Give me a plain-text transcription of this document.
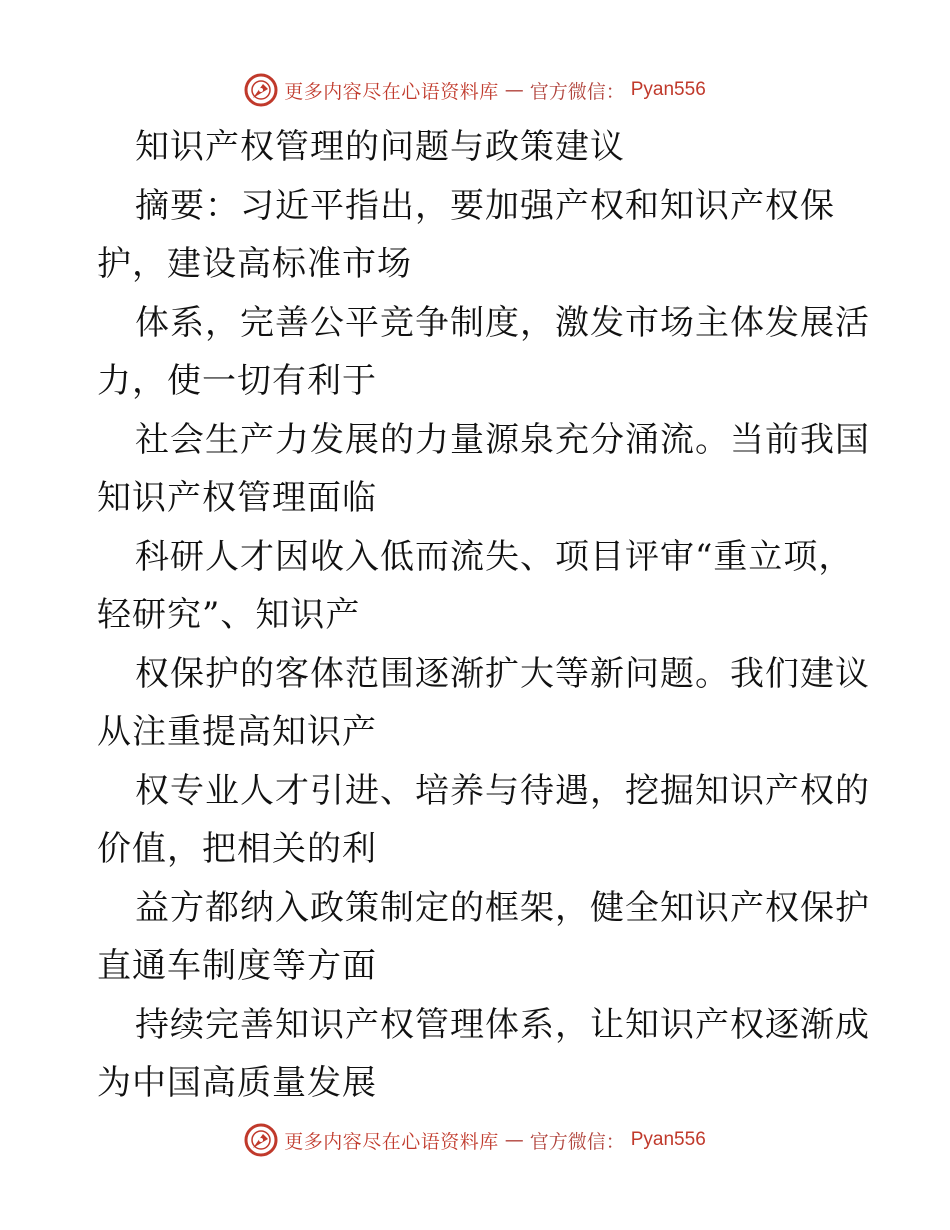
更多内容尽在心语资料库 — 官方微信： Pyan556
知识产权管理的问题与政策建议
摘要：习近平指出，要加强产权和知识产权保
护，建设高标准市场
体系，完善公平竞争制度，激发市场主体发展活
力，使一切有利于
社会生产力发展的力量源泉充分涌流。当前我国
知识产权管理面临
科研人才因收入低而流失、项目评审“重立项，
轻研究”、知识产
权保护的客体范围逐渐扩大等新问题。我们建议
从注重提高知识产
权专业人才引进、培养与待遇，挖掘知识产权的
价值，把相关的利
益方都纳入政策制定的框架，健全知识产权保护
直通车制度等方面
持续完善知识产权管理体系，让知识产权逐渐成
为中国高质量发展
更多内容尽在心语资料库 — 官方微信： Pyan556
